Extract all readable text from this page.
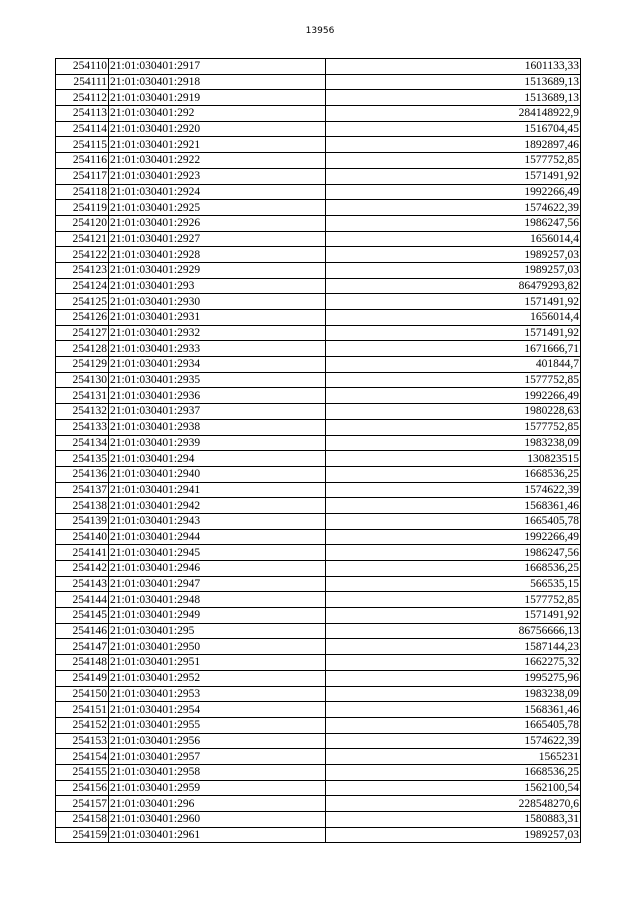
13956
254110	21:01:030401:2917	1601133,33
254111	21:01:030401:2918	1513689,13
254112	21:01:030401:2919	1513689,13
254113	21:01:030401:292	284148922,9
254114	21:01:030401:2920	1516704,45
254115	21:01:030401:2921	1892897,46
254116	21:01:030401:2922	1577752,85
254117	21:01:030401:2923	1571491,92
254118	21:01:030401:2924	1992266,49
254119	21:01:030401:2925	1574622,39
254120	21:01:030401:2926	1986247,56
254121	21:01:030401:2927	1656014,4
254122	21:01:030401:2928	1989257,03
254123	21:01:030401:2929	1989257,03
254124	21:01:030401:293	86479293,82
254125	21:01:030401:2930	1571491,92
254126	21:01:030401:2931	1656014,4
254127	21:01:030401:2932	1571491,92
254128	21:01:030401:2933	1671666,71
254129	21:01:030401:2934	401844,7
254130	21:01:030401:2935	1577752,85
254131	21:01:030401:2936	1992266,49
254132	21:01:030401:2937	1980228,63
254133	21:01:030401:2938	1577752,85
254134	21:01:030401:2939	1983238,09
254135	21:01:030401:294	130823515
254136	21:01:030401:2940	1668536,25
254137	21:01:030401:2941	1574622,39
254138	21:01:030401:2942	1568361,46
254139	21:01:030401:2943	1665405,78
254140	21:01:030401:2944	1992266,49
254141	21:01:030401:2945	1986247,56
254142	21:01:030401:2946	1668536,25
254143	21:01:030401:2947	566535,15
254144	21:01:030401:2948	1577752,85
254145	21:01:030401:2949	1571491,92
254146	21:01:030401:295	86756666,13
254147	21:01:030401:2950	1587144,23
254148	21:01:030401:2951	1662275,32
254149	21:01:030401:2952	1995275,96
254150	21:01:030401:2953	1983238,09
254151	21:01:030401:2954	1568361,46
254152	21:01:030401:2955	1665405,78
254153	21:01:030401:2956	1574622,39
254154	21:01:030401:2957	1565231
254155	21:01:030401:2958	1668536,25
254156	21:01:030401:2959	1562100,54
254157	21:01:030401:296	228548270,6
254158	21:01:030401:2960	1580883,31
254159	21:01:030401:2961	1989257,03
